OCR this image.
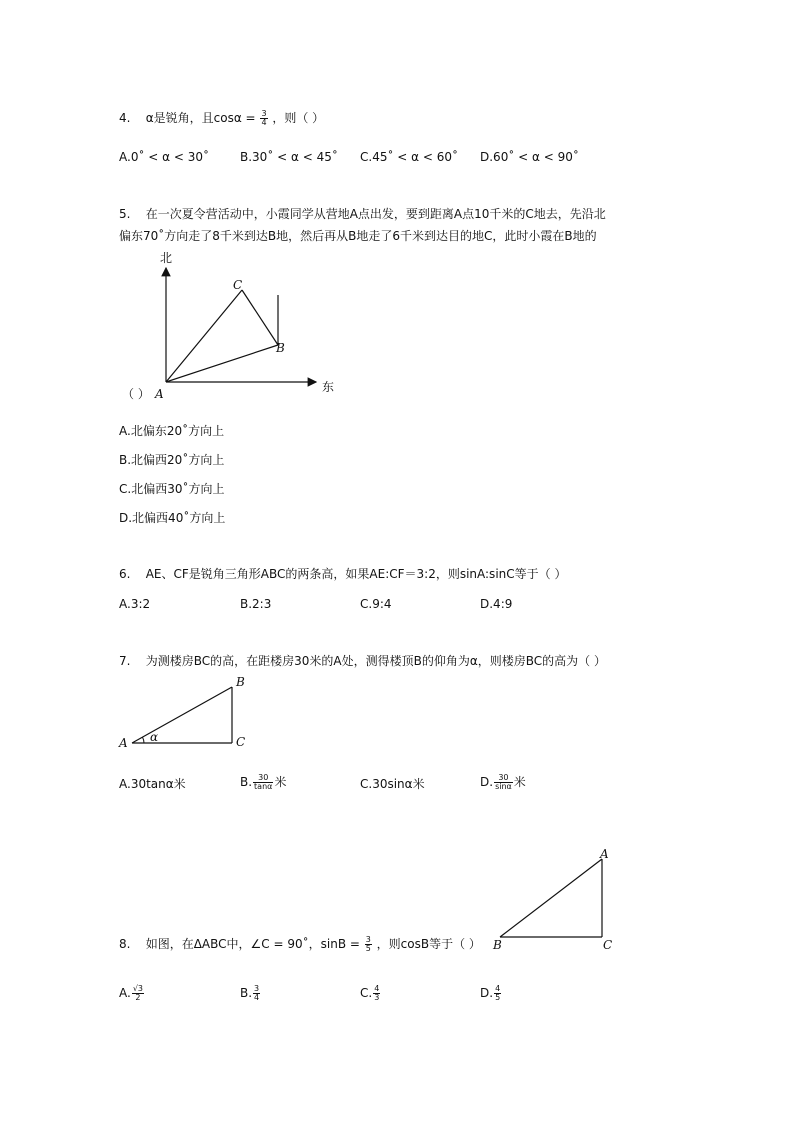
4. α是锐角，且$\cos\alpha = \frac{3}{4}$ ，则（ ）
A.0˚ < α < 30˚	B.30˚ < α < 45˚ C.45˚ < α < 60˚ D.60˚ < α < 90˚
5. 在一次夏令营活动中，小霞同学从营地A点出发，要到距离A点10千米的C地去，先沿北
偏东70˚方向走了8千米到达B地，然后再从B地走了6千米到达目的地C，此时小霞在B地的
北
东
C
B
A
（ ）
A.北偏东20˚方向上
B.北偏西20˚方向上
C.北偏西30˚方向上
D.北偏西40˚方向上
6. AE、CF是锐角三角形ABC的两条高，如果AE:CF＝3:2，则sinA:sinC等于（ ）
A.3:2	B.2:3	C.9:4	D.4:9
7. 为测楼房BC的高，在距楼房30米的A处，测得楼顶B的仰角为α，则楼房BC的高为（ ）
A
B
C
α
A.30tanα米	B. $\frac{30}{\tan\alpha}$ 米	C.30sinα米	D. $\frac{30}{\sin\alpha}$ 米
A
B	C
8. 如图，在ΔABC中，∠C = 90˚，$\sin B = \frac{3}{5}$ ，则cosB等于（ ）
A. $\frac{√3}{2}$	B. $\frac{3}{4}$	C. $\frac{4}{3}$	D. $\frac{4}{5}$
